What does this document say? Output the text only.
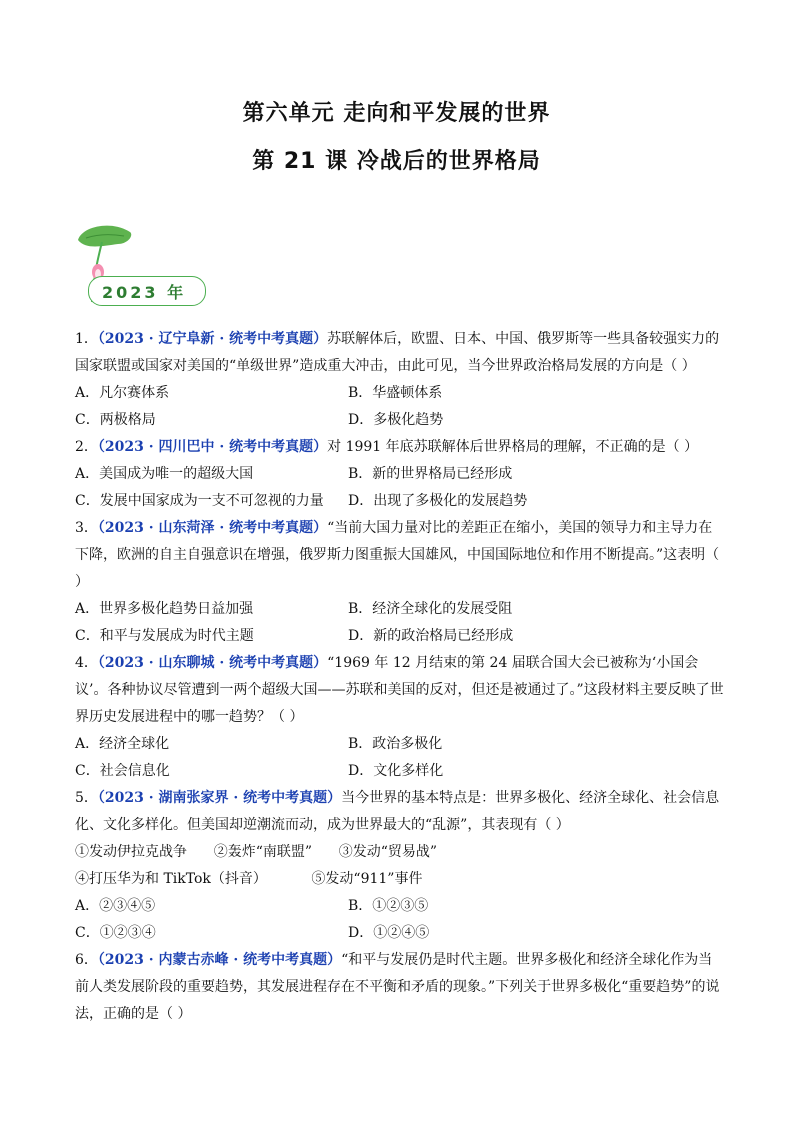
第六单元 走向和平发展的世界
第 21 课 冷战后的世界格局
2023 年

1．（2023 · 辽宁阜新 · 统考中考真题）苏联解体后，欧盟、日本、中国、俄罗斯等一些具备较强实力的国家联盟或国家对美国的“单级世界”造成重大冲击，由此可见，当今世界政治格局发展的方向是（ ）

A．凡尔赛体系	B．华盛顿体系
C．两极格局	D．多极化趋势

2．（2023 · 四川巴中 · 统考中考真题）对 1991 年底苏联解体后世界格局的理解，不正确的是（ ）

A．美国成为唯一的超级大国	B．新的世界格局已经形成
C．发展中国家成为一支不可忽视的力量	D．出现了多极化的发展趋势

3．（2023 · 山东菏泽 · 统考中考真题）“当前大国力量对比的差距正在缩小，美国的领导力和主导力在下降，欧洲的自主自强意识在增强，俄罗斯力图重振大国雄风，中国国际地位和作用不断提高。”这表明（ ）

A．世界多极化趋势日益加强	B．经济全球化的发展受阻
C．和平与发展成为时代主题	D．新的政治格局已经形成

4．（2023 · 山东聊城 · 统考中考真题）“1969 年 12 月结束的第 24 届联合国大会已被称为‘小国会议’。各种协议尽管遭到一两个超级大国——苏联和美国的反对，但还是被通过了。”这段材料主要反映了世界历史发展进程中的哪一趋势？（ ）

A．经济全球化	B．政治多极化
C．社会信息化	D．文化多样化

5．（2023 · 湖南张家界 · 统考中考真题）当今世界的基本特点是：世界多极化、经济全球化、社会信息化、文化多样化。但美国却逆潮流而动，成为世界最大的“乱源”，其表现有（ ）

①发动伊拉克战争      ②轰炸“南联盟”      ③发动“贸易战”
④打压华为和 TikTok（抖音）          ⑤发动“911”事件
A．②③④⑤	B．①②③⑤
C．①②③④	D．①②④⑤

6．（2023 · 内蒙古赤峰 · 统考中考真题）“和平与发展仍是时代主题。世界多极化和经济全球化作为当前人类发展阶段的重要趋势，其发展进程存在不平衡和矛盾的现象。”下列关于世界多极化“重要趋势”的说法，正确的是（ ）
